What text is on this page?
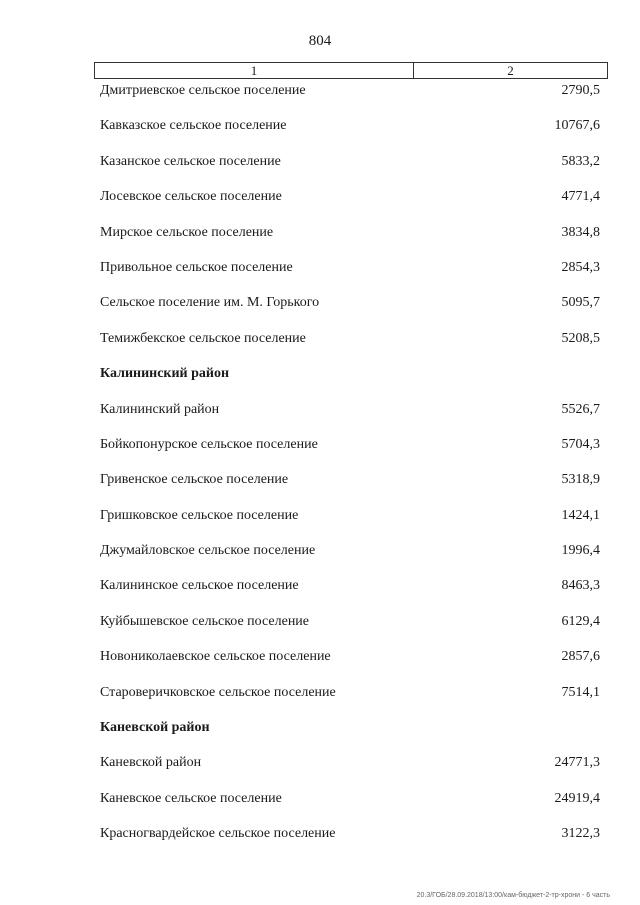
804
1	2
Дмитриевское сельское поселение	2790,5
Кавказское сельское поселение	10767,6
Казанское сельское поселение	5833,2
Лосевское сельское поселение	4771,4
Мирское сельское поселение	3834,8
Привольное сельское поселение	2854,3
Сельское поселение им. М. Горького	5095,7
Темижбекское сельское поселение	5208,5
Калининский район
Калининский район	5526,7
Бойкопонурское сельское поселение	5704,3
Гривенское сельское поселение	5318,9
Гришковское сельское поселение	1424,1
Джумайловское сельское поселение	1996,4
Калининское сельское поселение	8463,3
Куйбышевское сельское поселение	6129,4
Новониколаевское сельское поселение	2857,6
Староверичковское сельское поселение	7514,1
Каневской район
Каневской район	24771,3
Каневское сельское поселение	24919,4
Красногвардейское сельское поселение	3122,3
20.3/ГОБ/28.09.2018/13:00/кам-бюджет-2-тр-хрони - 6 часть
